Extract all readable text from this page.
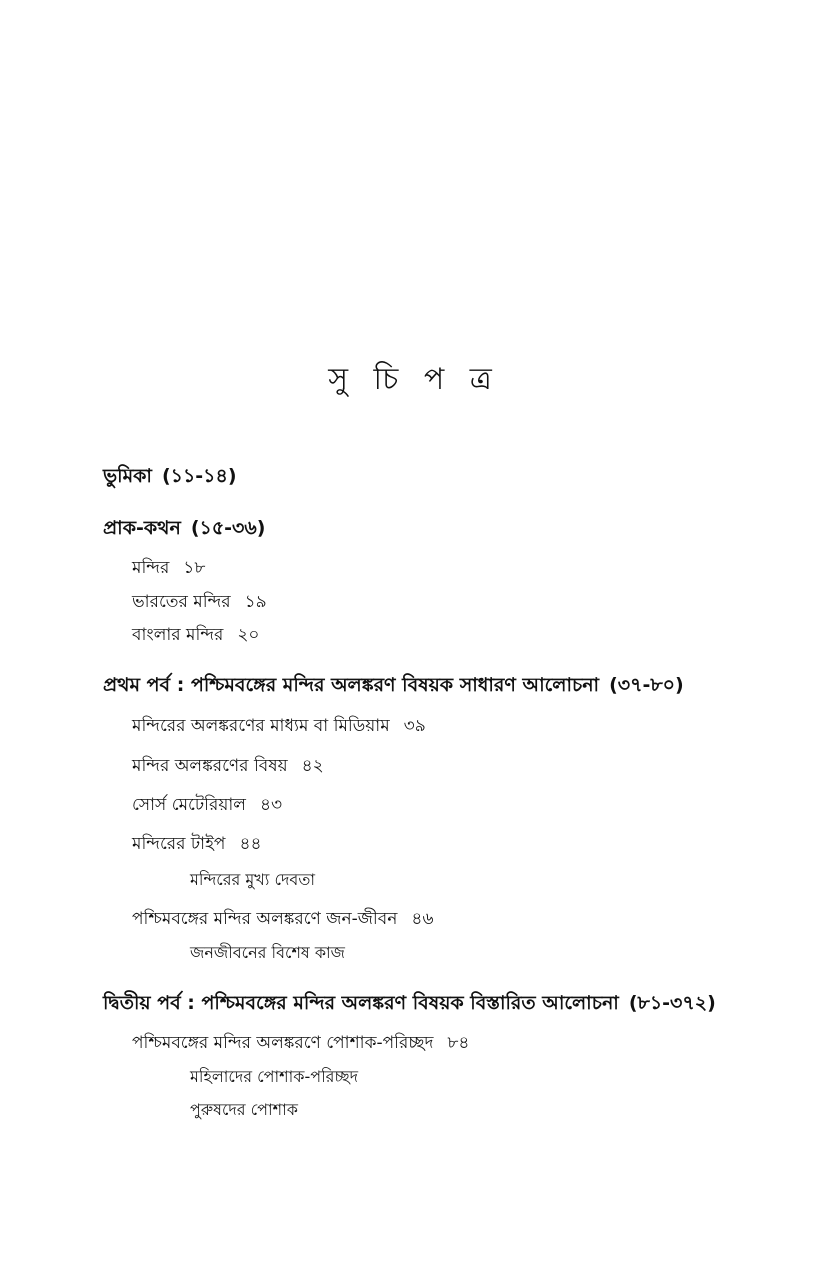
সু চি প ত্র
ভুমিকা (১১-১৪)
প্রাক-কথন (১৫-৩৬)
মন্দির ১৮
ভারতের মন্দির ১৯
বাংলার মন্দির ২০
প্রথম পর্ব : পশ্চিমবঙ্গের মন্দির অলঙ্করণ বিষয়ক সাধারণ আলোচনা (৩৭-৮০)
মন্দিরের অলঙ্করণের মাধ্যম বা মিডিয়াম ৩৯
মন্দির অলঙ্করণের বিষয় ৪২
সোর্স মেটেরিয়াল ৪৩
মন্দিরের টাইপ ৪৪
মন্দিরের মুখ্য দেবতা
পশ্চিমবঙ্গের মন্দির অলঙ্করণে জন-জীবন ৪৬
জনজীবনের বিশেষ কাজ
দ্বিতীয় পর্ব : পশ্চিমবঙ্গের মন্দির অলঙ্করণ বিষয়ক বিস্তারিত আলোচনা (৮১-৩৭২)
পশ্চিমবঙ্গের মন্দির অলঙ্করণে পোশাক-পরিচ্ছদ ৮৪
মহিলাদের পোশাক-পরিচ্ছদ
পুরুষদের পোশাক
